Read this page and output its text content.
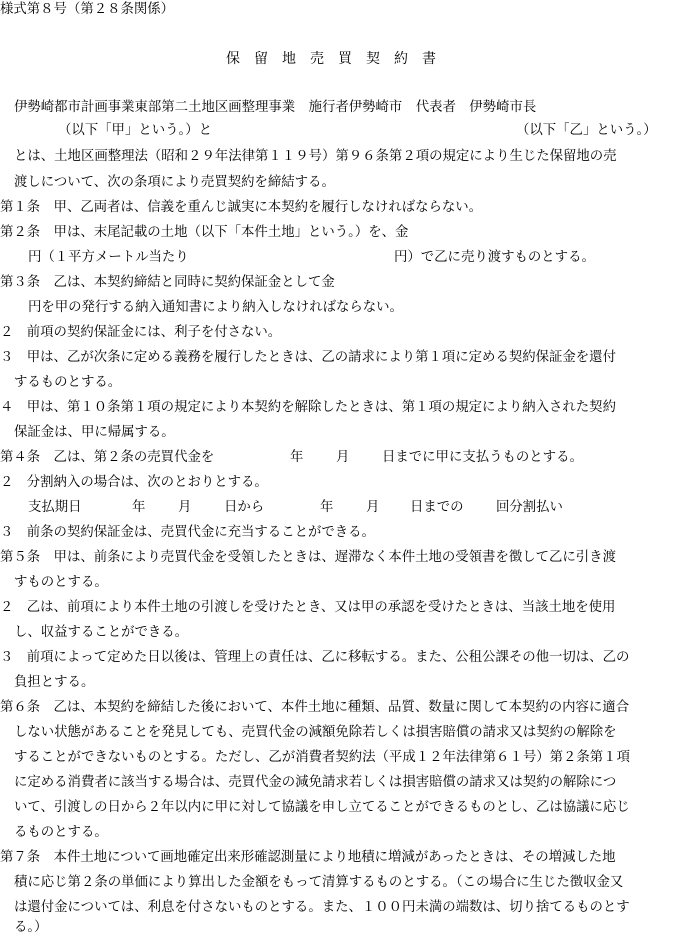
様式第８号（第２８条関係）
保留地売買契約書
伊勢崎都市計画事業東部第二土地区画整理事業　施行者伊勢崎市　代表者　伊勢崎市長
（以下「甲」という。）と	（以下「乙」という。）
とは、土地区画整理法（昭和２９年法律第１１９号）第９６条第２項の規定により生じた保留地の売
渡しについて、次の条項により売買契約を締結する。
第１条　甲、乙両者は、信義を重んじ誠実に本契約を履行しなければならない。
第２条　甲は、末尾記載の土地（以下「本件土地」という。）を、金
円（１平方メートル当たり	円）で乙に売り渡すものとする。
第３条　乙は、本契約締結と同時に契約保証金として金
円を甲の発行する納入通知書により納入しなければならない。
２　前項の契約保証金には、利子を付さない。
３　甲は、乙が次条に定める義務を履行したときは、乙の請求により第１項に定める契約保証金を還付
するものとする。
４　甲は、第１０条第１項の規定により本契約を解除したときは、第１項の規定により納入された契約
保証金は、甲に帰属する。
第４条　乙は、第２条の売買代金を	年 月 日までに甲に支払うものとする。
２　分割納入の場合は、次のとおりとする。
支払期日	年 月 日から	年 月 日までの 回分割払い
３　前条の契約保証金は、売買代金に充当することができる。
第５条　甲は、前条により売買代金を受領したときは、遅滞なく本件土地の受領書を徴して乙に引き渡
すものとする。
２　乙は、前項により本件土地の引渡しを受けたとき、又は甲の承認を受けたときは、当該土地を使用
し、収益することができる。
３　前項によって定めた日以後は、管理上の責任は、乙に移転する。また、公租公課その他一切は、乙の
負担とする。
第６条　乙は、本契約を締結した後において、本件土地に種類、品質、数量に関して本契約の内容に適合
しない状態があることを発見しても、売買代金の減額免除若しくは損害賠償の請求又は契約の解除を
することができないものとする。ただし、乙が消費者契約法（平成１２年法律第６１号）第２条第１項
に定める消費者に該当する場合は、売買代金の減免請求若しくは損害賠償の請求又は契約の解除につ
いて、引渡しの日から２年以内に甲に対して協議を申し立てることができるものとし、乙は協議に応じ
るものとする。
第７条　本件土地について画地確定出来形確認測量により地積に増減があったときは、その増減した地
積に応じ第２条の単価により算出した金額をもって清算するものとする。（この場合に生じた徴収金又
は還付金については、利息を付さないものとする。また、１００円未満の端数は、切り捨てるものとす
る。）
